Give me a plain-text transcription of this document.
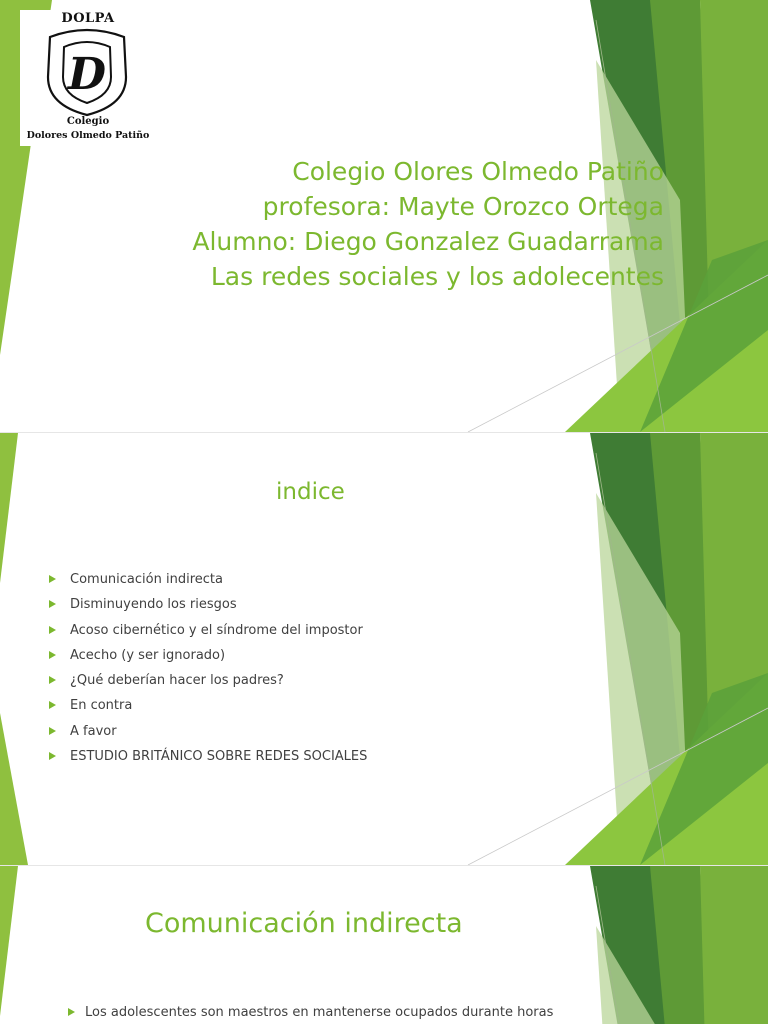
DOLPA
D
Colegio
Dolores Olmedo Patiño
Colegio Olores Olmedo Patiño
profesora: Mayte Orozco Ortega
Alumno: Diego Gonzalez Guadarrama
Las redes sociales y los adolecentes
indice
Comunicación indirecta
Disminuyendo los riesgos
Acoso cibernético y el síndrome del impostor
Acecho (y ser ignorado)
¿Qué deberían hacer los padres?
En contra
A favor
ESTUDIO BRITÁNICO SOBRE REDES SOCIALES
Comunicación indirecta
Los adolescentes son maestros en mantenerse ocupados durante horas
